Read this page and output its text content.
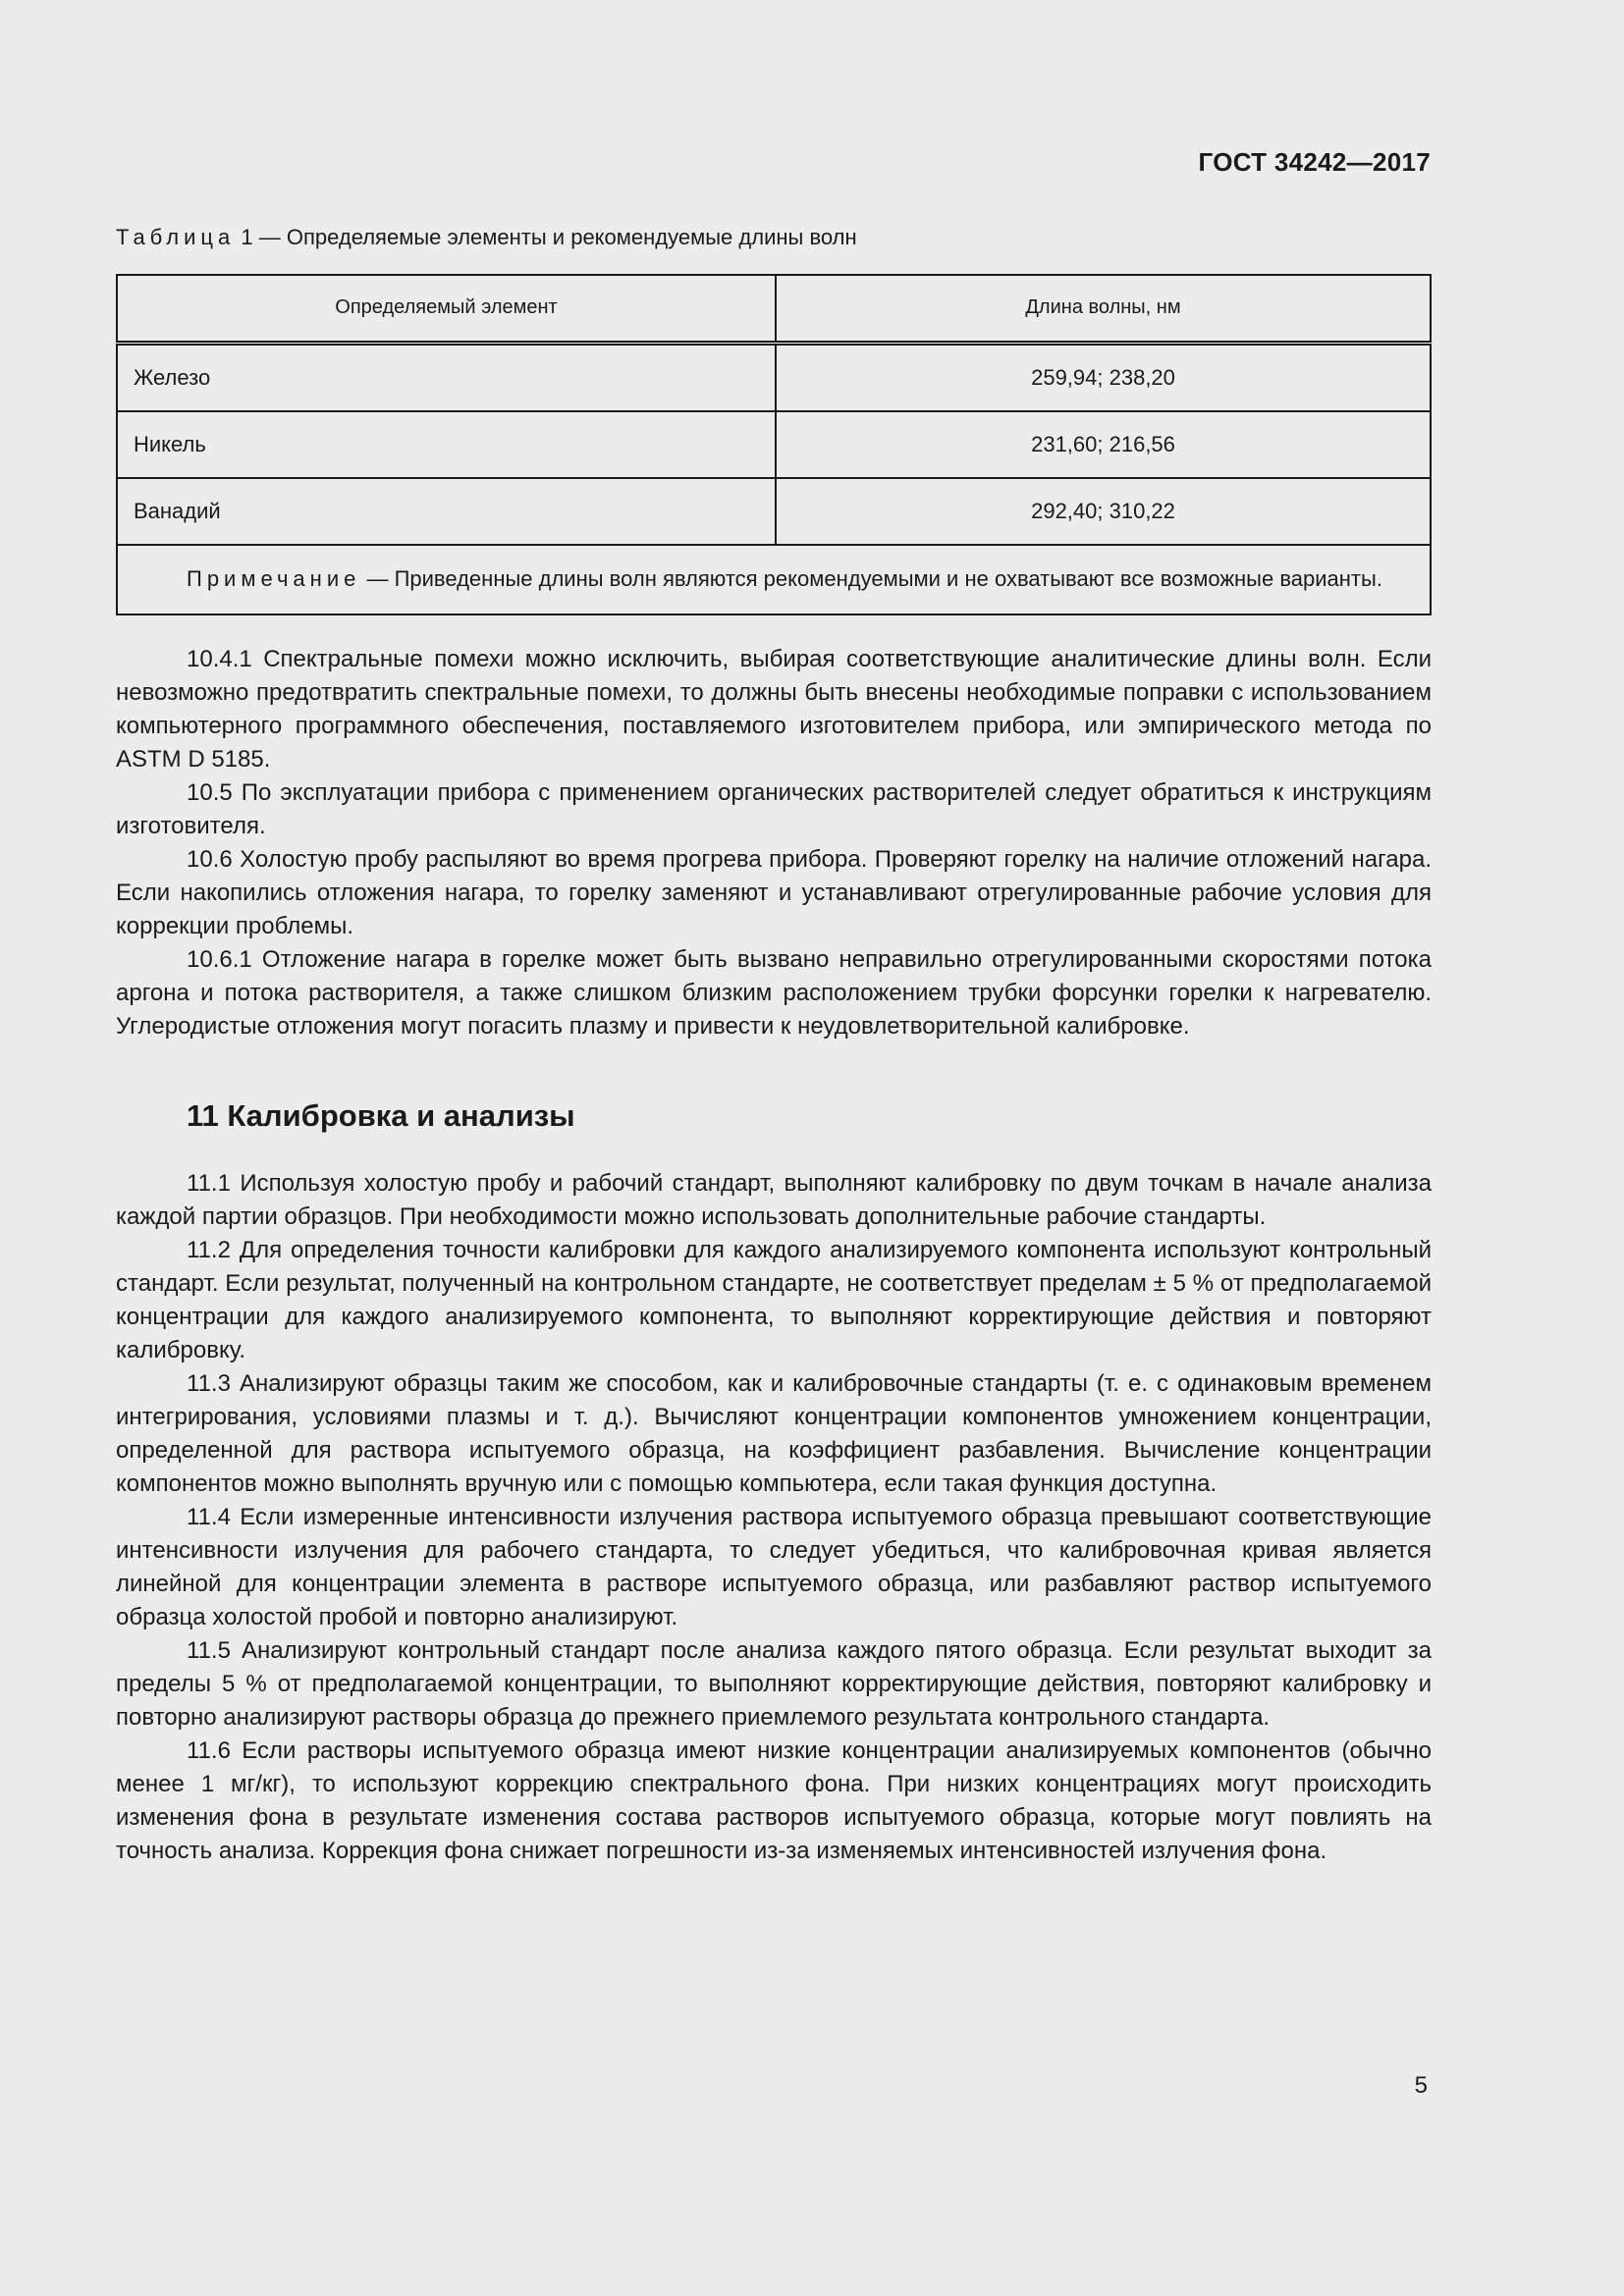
ГОСТ 34242—2017
Таблица 1 — Определяемые элементы и рекомендуемые длины волн
Определяемый элемент	Длина волны, нм
Железо	259,94; 238,20
Никель	231,60; 216,56
Ванадий	292,40; 310,22
Примечание — Приведенные длины волн являются рекомендуемыми и не охватывают все возможные варианты.	

10.4.1 Спектральные помехи можно исключить, выбирая соответствующие аналитические длины волн. Если невозможно предотвратить спектральные помехи, то должны быть внесены необходимые поправки с использованием компьютерного программного обеспечения, поставляемого изготовителем прибора, или эмпирического метода по ASTM D 5185.

10.5 По эксплуатации прибора с применением органических растворителей следует обратиться к инструкциям изготовителя.

10.6 Холостую пробу распыляют во время прогрева прибора. Проверяют горелку на наличие отложений нагара. Если накопились отложения нагара, то горелку заменяют и устанавливают отрегулированные рабочие условия для коррекции проблемы.

10.6.1 Отложение нагара в горелке может быть вызвано неправильно отрегулированными скоростями потока аргона и потока растворителя, а также слишком близким расположением трубки форсунки горелки к нагревателю. Углеродистые отложения могут погасить плазму и привести к неудовлетворительной калибровке.

11 Калибровка и анализы

11.1 Используя холостую пробу и рабочий стандарт, выполняют калибровку по двум точкам в начале анализа каждой партии образцов. При необходимости можно использовать дополнительные рабочие стандарты.

11.2 Для определения точности калибровки для каждого анализируемого компонента используют контрольный стандарт. Если результат, полученный на контрольном стандарте, не соответствует пределам ± 5 % от предполагаемой концентрации для каждого анализируемого компонента, то выполняют корректирующие действия и повторяют калибровку.

11.3 Анализируют образцы таким же способом, как и калибровочные стандарты (т. е. с одинаковым временем интегрирования, условиями плазмы и т. д.). Вычисляют концентрации компонентов умножением концентрации, определенной для раствора испытуемого образца, на коэффициент разбавления. Вычисление концентрации компонентов можно выполнять вручную или с помощью компьютера, если такая функция доступна.

11.4 Если измеренные интенсивности излучения раствора испытуемого образца превышают соответствующие интенсивности излучения для рабочего стандарта, то следует убедиться, что калибровочная кривая является линейной для концентрации элемента в растворе испытуемого образца, или разбавляют раствор испытуемого образца холостой пробой и повторно анализируют.

11.5 Анализируют контрольный стандарт после анализа каждого пятого образца. Если результат выходит за пределы 5 % от предполагаемой концентрации, то выполняют корректирующие действия, повторяют калибровку и повторно анализируют растворы образца до прежнего приемлемого результата контрольного стандарта.

11.6 Если растворы испытуемого образца имеют низкие концентрации анализируемых компонентов (обычно менее 1 мг/кг), то используют коррекцию спектрального фона. При низких концентрациях могут происходить изменения фона в результате изменения состава растворов испытуемого образца, которые могут повлиять на точность анализа. Коррекция фона снижает погрешности из-за изменяемых интенсивностей излучения фона.

5
